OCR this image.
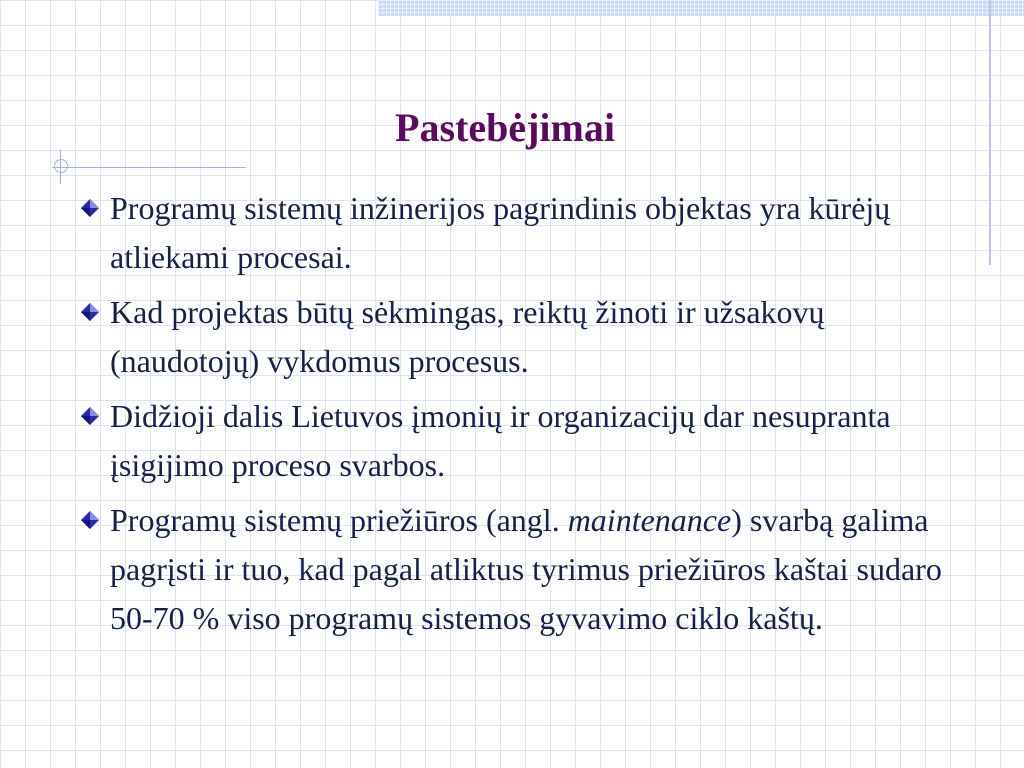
Pastebėjimai
Programų sistemų inžinerijos pagrindinis objektas yra kūrėjų atliekami procesai.
Kad projektas būtų sėkmingas, reiktų žinoti ir užsakovų (naudotojų) vykdomus procesus.
Didžioji dalis Lietuvos įmonių ir organizacijų dar nesupranta įsigijimo proceso svarbos.
Programų sistemų priežiūros (angl. maintenance) svarbą galima pagrįsti ir tuo, kad pagal atliktus tyrimus priežiūros kaštai sudaro 50-70 % viso programų sistemos gyvavimo ciklo kaštų.
